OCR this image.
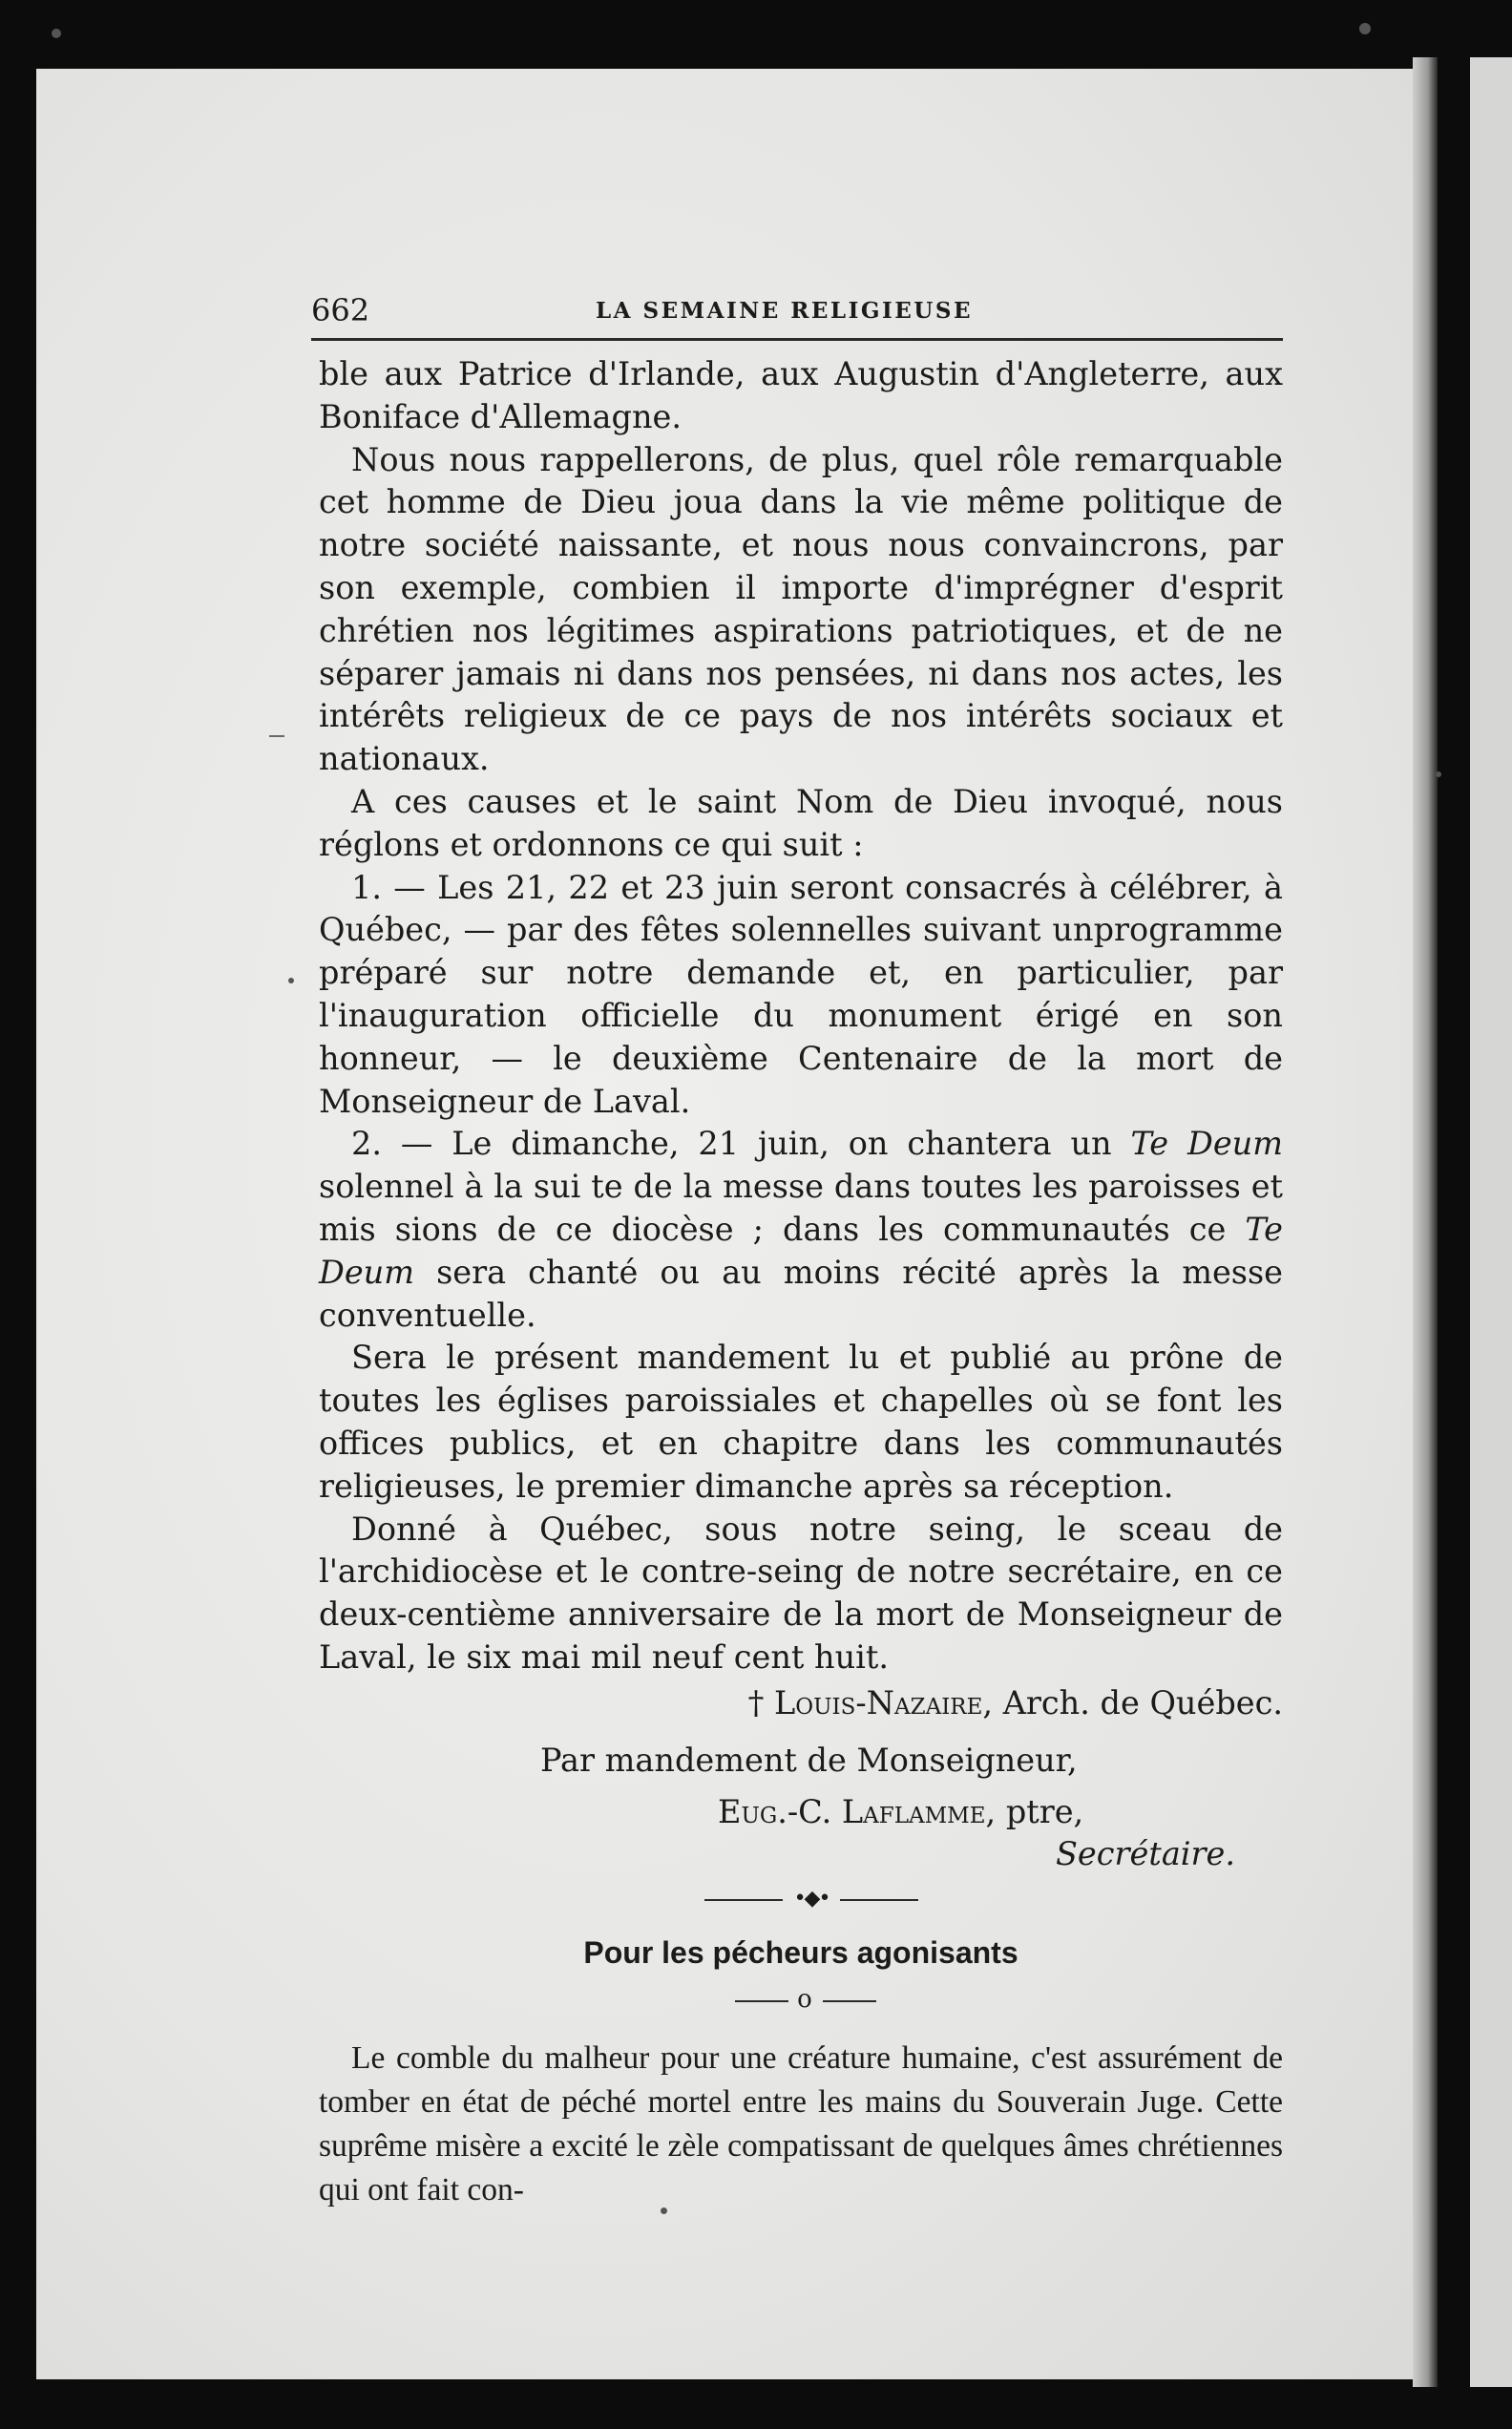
662	LA SEMAINE RELIGIEUSE

ble aux Patrice d'Irlande, aux Augustin d'Angleterre, aux Boniface d'Allemagne.

Nous nous rappellerons, de plus, quel rôle remarquable cet homme de Dieu joua dans la vie même politique de notre société naissante, et nous nous convaincrons, par son exemple, combien il importe d'imprégner d'esprit chrétien nos légitimes aspirations patriotiques, et de ne séparer jamais ni dans nos pensées, ni dans nos actes, les intérêts religieux de ce pays de nos intérêts sociaux et nationaux.

A ces causes et le saint Nom de Dieu invoqué, nous réglons et ordonnons ce qui suit :

1. — Les 21, 22 et 23 juin seront consacrés à célébrer, à Québec, — par des fêtes solennelles suivant unprogramme préparé sur notre demande et, en particulier, par l'inauguration officielle du monument érigé en son honneur, — le deuxième Centenaire de la mort de Monseigneur de Laval.

2. — Le dimanche, 21 juin, on chantera un Te Deum solennel à la sui te de la messe dans toutes les paroisses et mis sions de ce diocèse ; dans les communautés ce Te Deum sera chanté ou au moins récité après la messe conventuelle.

Sera le présent mandement lu et publié au prône de toutes les églises paroissiales et chapelles où se font les offices publics, et en chapitre dans les communautés religieuses, le premier dimanche après sa réception.

Donné à Québec, sous notre seing, le sceau de l'archidiocèse et le contre-seing de notre secrétaire, en ce deux-centième anniversaire de la mort de Monseigneur de Laval, le six mai mil neuf cent huit.

† Louis-Nazaire, Arch. de Québec.
Par mandement de Monseigneur,
Eug.-C. Laflamme, ptre,
Secrétaire.
•◆•
Pour les pécheurs agonisants
o

Le comble du malheur pour une créature humaine, c'est assurément de tomber en état de péché mortel entre les mains du Souverain Juge. Cette suprême misère a excité le zèle compatissant de quelques âmes chrétiennes qui ont fait con-
